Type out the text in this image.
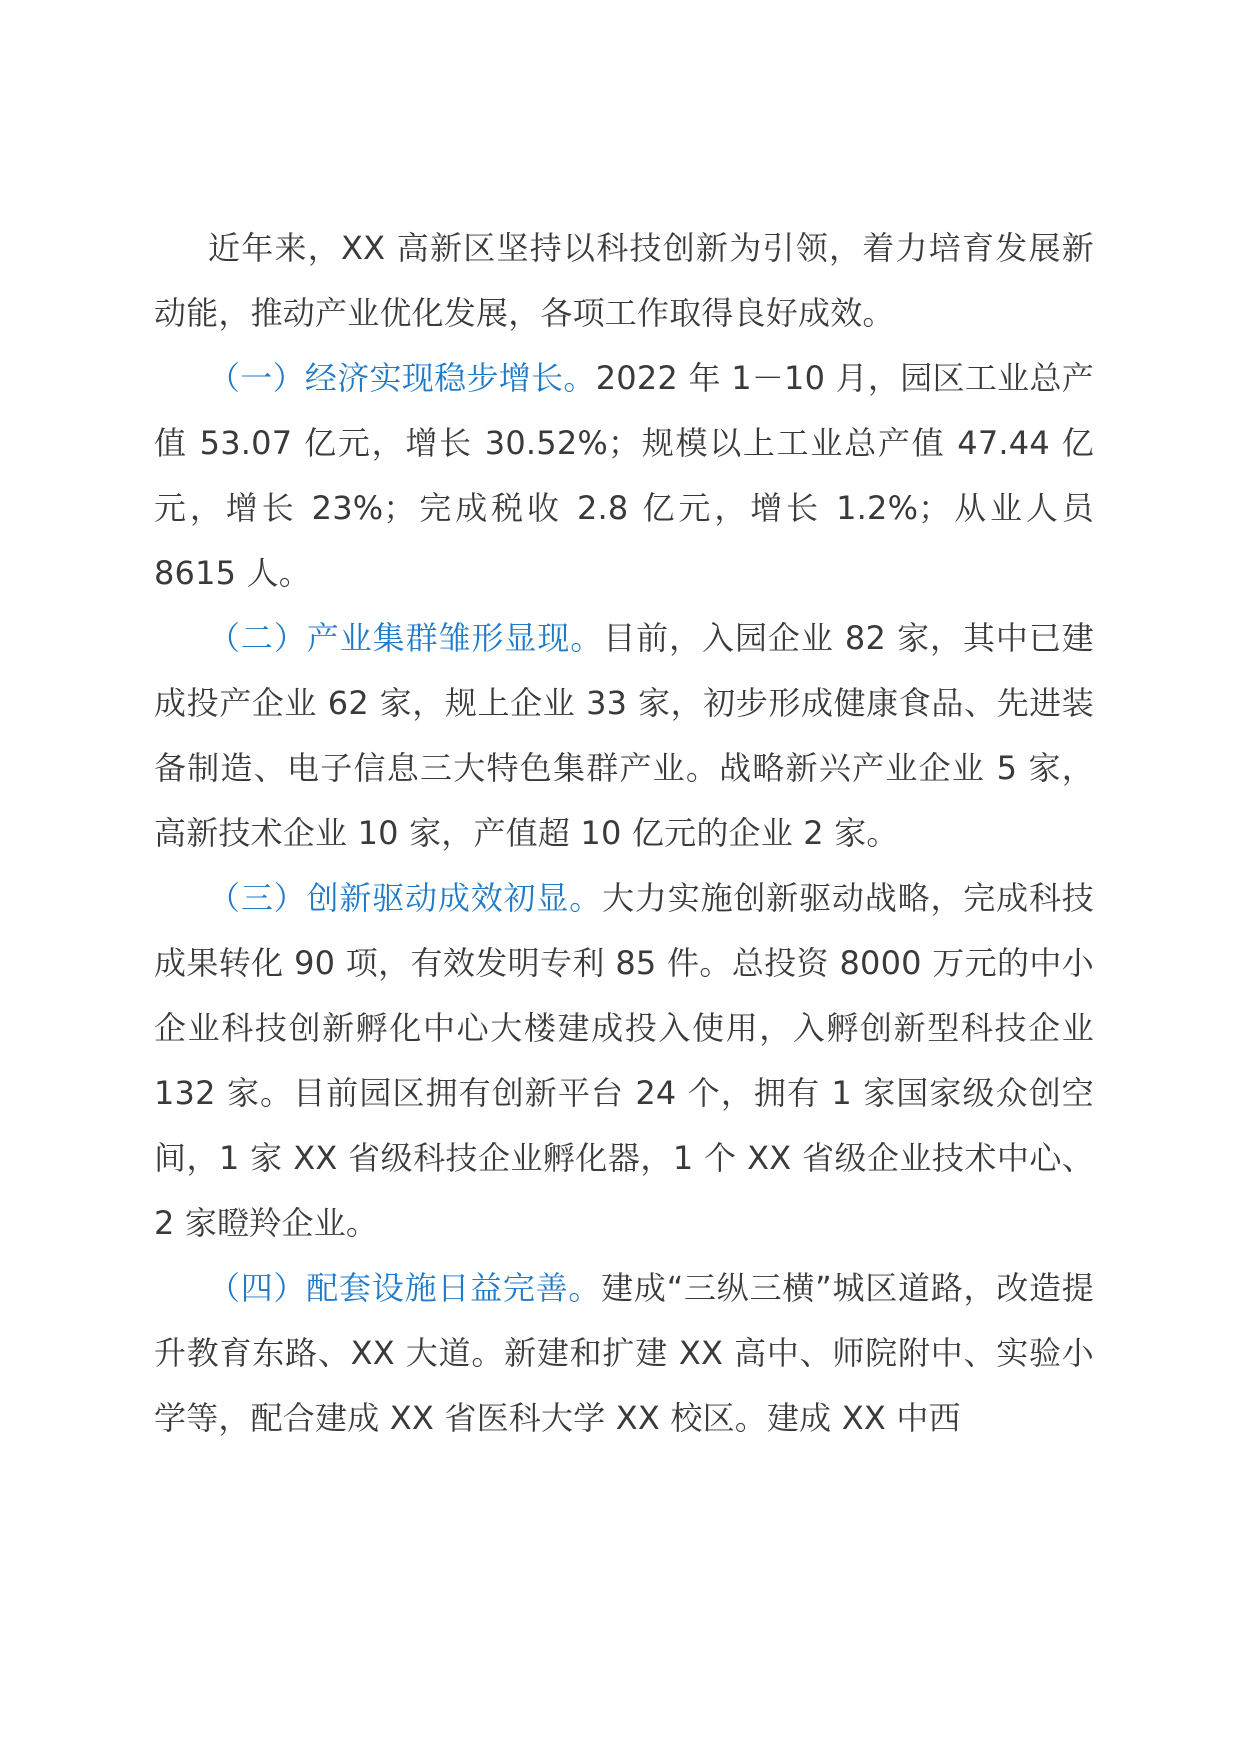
近年来，XX 高新区坚持以科技创新为引领，着力培育发展新动能，推动产业优化发展，各项工作取得良好成效。

（一）经济实现稳步增长。2022 年 1－10 月，园区工业总产值 53.07 亿元，增长 30.52%；规模以上工业总产值 47.44 亿元，增长 23%；完成税收 2.8 亿元，增长 1.2%；从业人员 8615 人。

（二）产业集群雏形显现。目前，入园企业 82 家，其中已建成投产企业 62 家，规上企业 33 家，初步形成健康食品、先进装备制造、电子信息三大特色集群产业。战略新兴产业企业 5 家，高新技术企业 10 家，产值超 10 亿元的企业 2 家。

（三）创新驱动成效初显。大力实施创新驱动战略，完成科技成果转化 90 项，有效发明专利 85 件。总投资 8000 万元的中小企业科技创新孵化中心大楼建成投入使用，入孵创新型科技企业 132 家。目前园区拥有创新平台 24 个，拥有 1 家国家级众创空间，1 家 XX 省级科技企业孵化器，1 个 XX 省级企业技术中心、2 家瞪羚企业。

（四）配套设施日益完善。建成“三纵三横”城区道路，改造提升教育东路、XX 大道。新建和扩建 XX 高中、师院附中、实验小学等，配合建成 XX 省医科大学 XX 校区。建成 XX 中西
